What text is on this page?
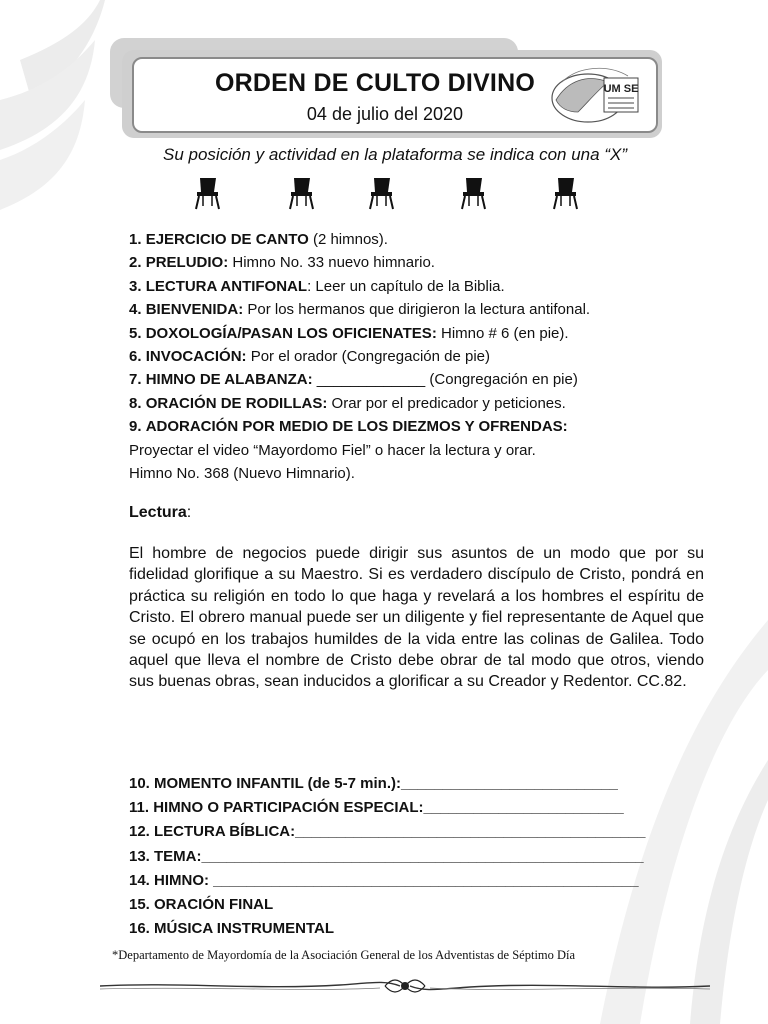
ORDEN DE CULTO DIVINO
04 de julio del 2020
UM SE
Su posición y actividad en la plataforma se indica con una “X”
1. EJERCICIO DE CANTO (2 himnos).
2. PRELUDIO: Himno No. 33 nuevo himnario.
3. LECTURA ANTIFONAL: Leer un capítulo de la Biblia.
4. BIENVENIDA: Por los hermanos que dirigieron la lectura antifonal.
5. DOXOLOGÍA/PASAN LOS OFICIENATES: Himno # 6 (en pie).
6. INVOCACIÓN: Por el orador (Congregación de pie)
7. HIMNO DE ALABANZA: _____________ (Congregación en pie)
8. ORACIÓN DE RODILLAS: Orar por el predicador y peticiones.
9. ADORACIÓN POR MEDIO DE LOS DIEZMOS Y OFRENDAS:
Proyectar el video “Mayordomo Fiel” o hacer la lectura y orar.
Himno No. 368 (Nuevo Himnario).
Lectura:
El hombre de negocios puede dirigir sus asuntos de un modo que por su fidelidad glorifique a su Maestro. Si es verdadero discípulo de Cristo, pondrá en práctica su religión en todo lo que haga y revelará a los hombres el espíritu de Cristo. El obrero manual puede ser un diligente y fiel representante de Aquel que se ocupó en los trabajos humildes de la vida entre las colinas de Galilea. Todo aquel que lleva el nombre de Cristo debe obrar de tal modo que otros, viendo sus buenas obras, sean inducidos a glorificar a su Creador y Redentor. CC.82.
10. MOMENTO INFANTIL (de 5-7 min.):__________________________
11. HIMNO O PARTICIPACIÓN ESPECIAL:________________________
12. LECTURA BÍBLICA:__________________________________________
13. TEMA:_____________________________________________________
14. HIMNO: ___________________________________________________
15. ORACIÓN FINAL
16. MÚSICA INSTRUMENTAL
*Departamento de Mayordomía de la Asociación General de los Adventistas de Séptimo Día
